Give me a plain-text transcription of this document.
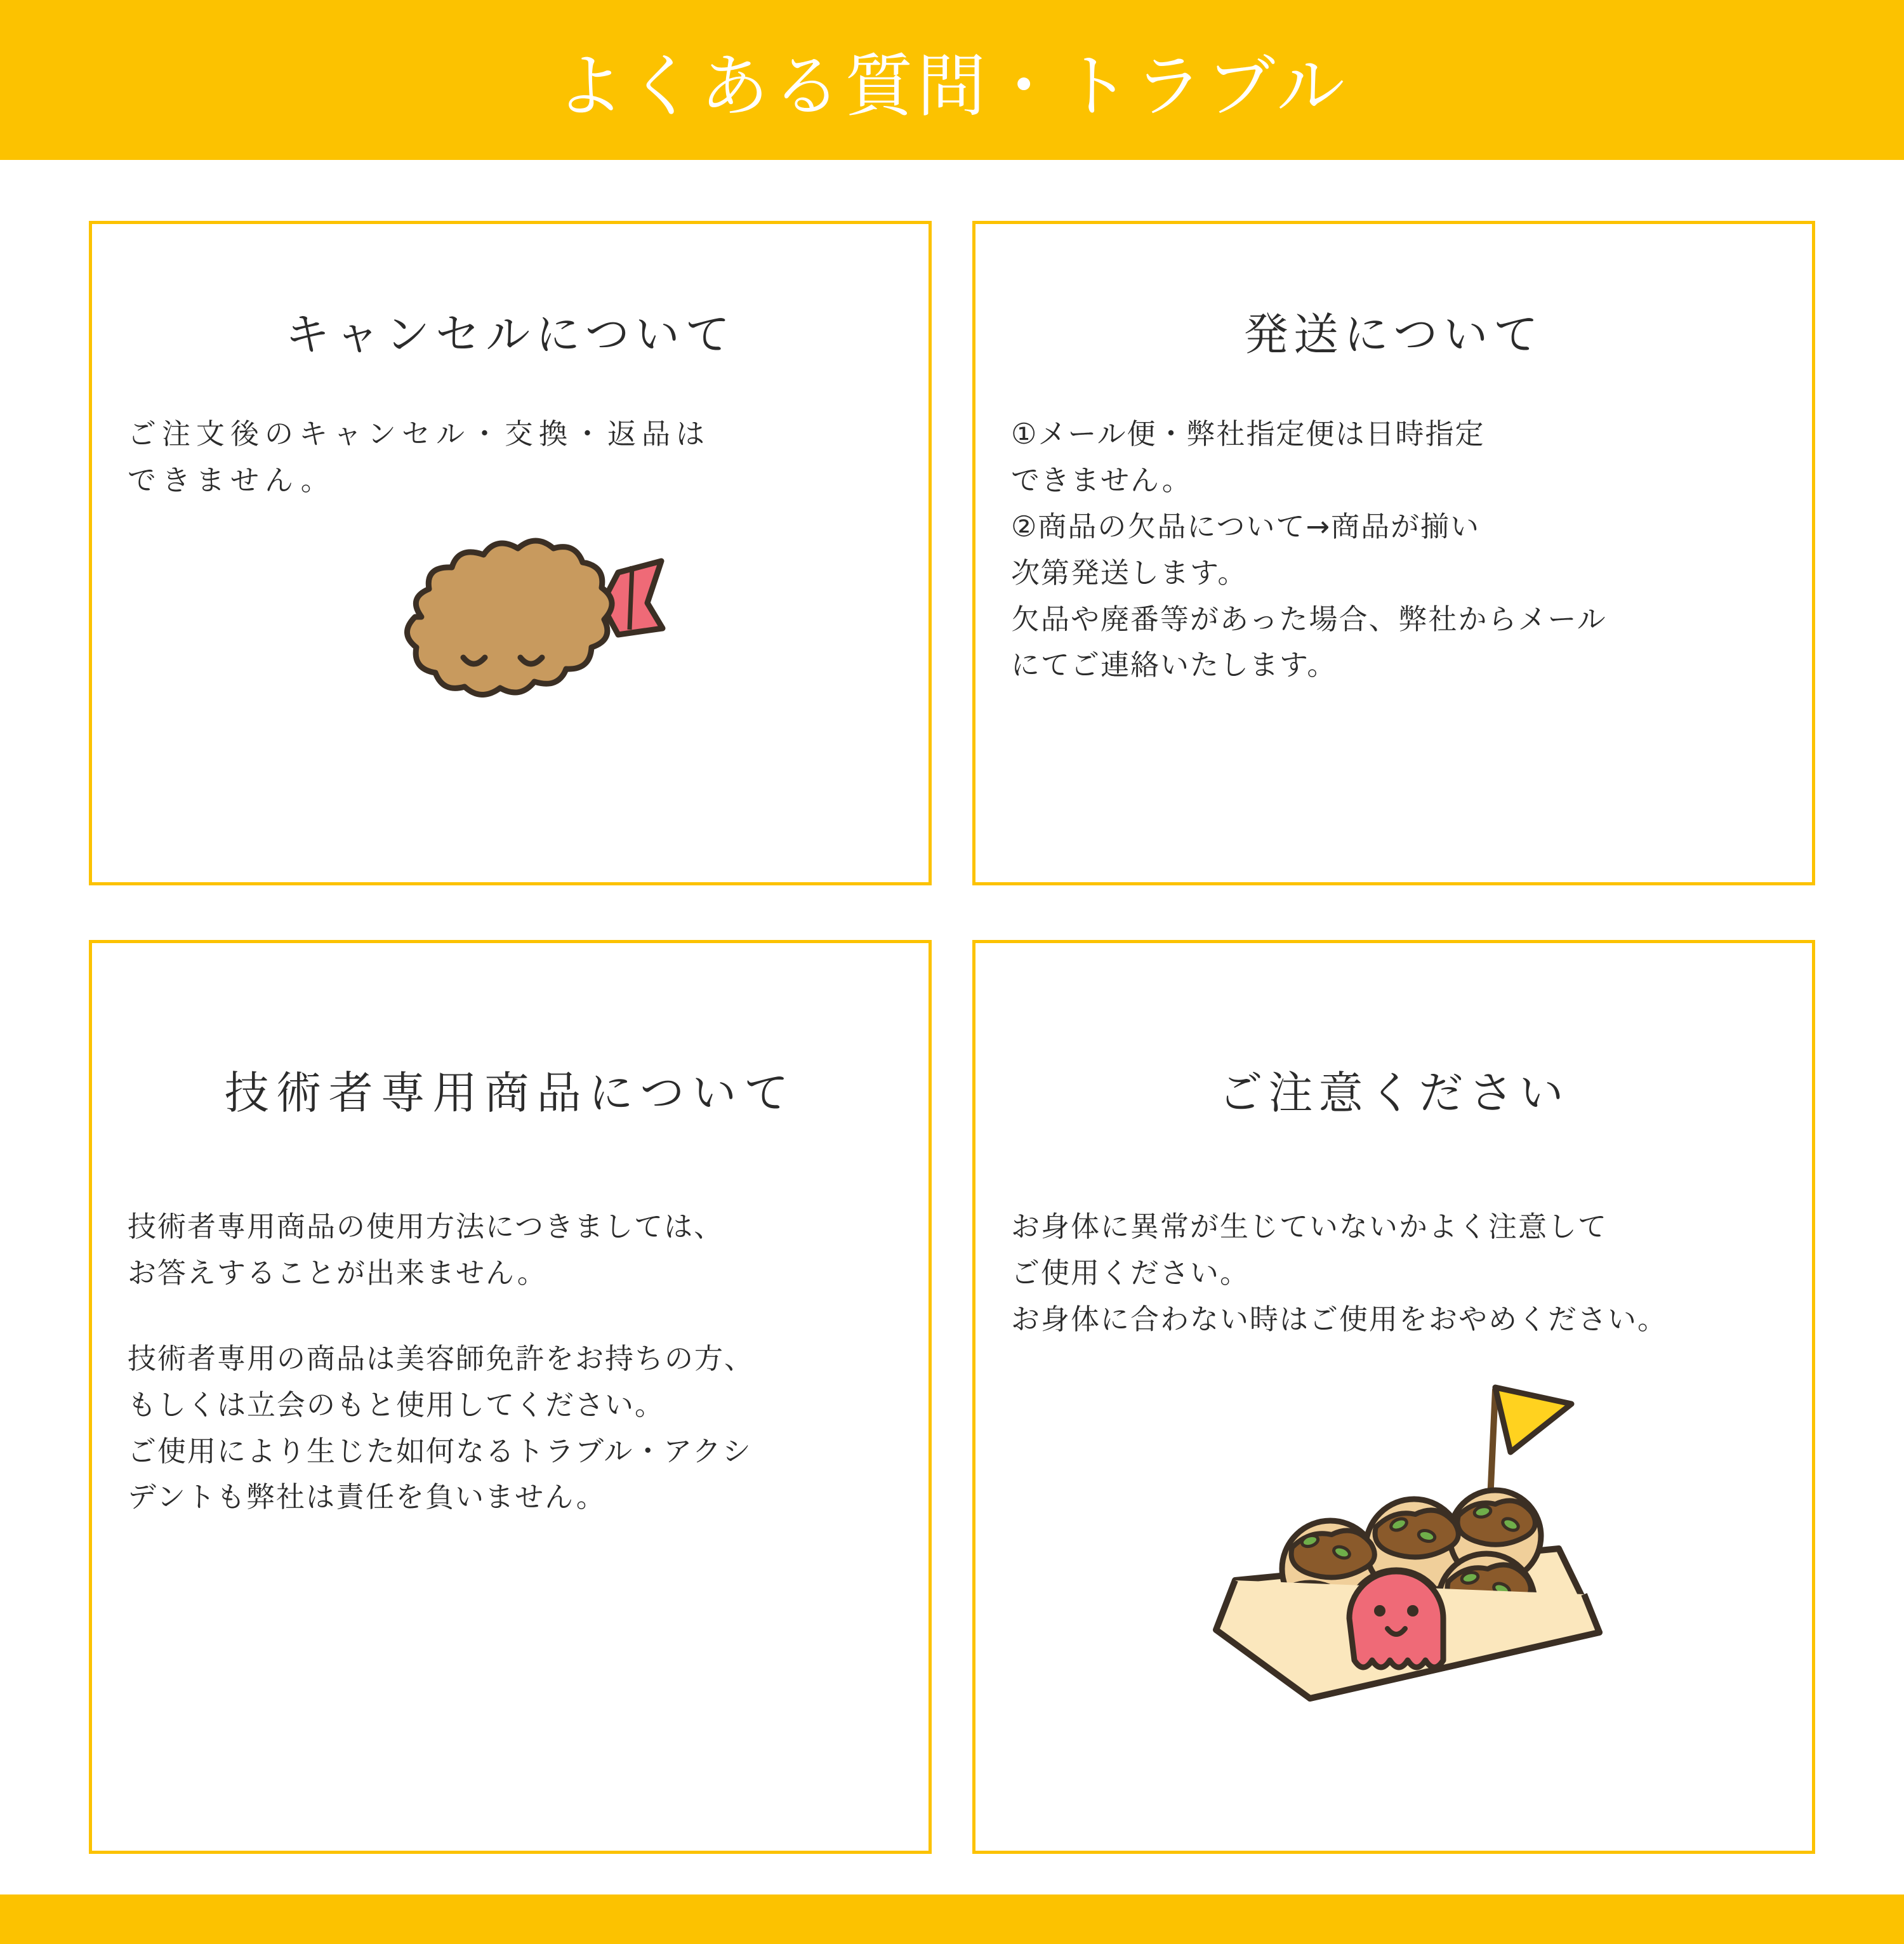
よくある質問・トラブル
キャンセルについて

ご注文後のキャンセル・交換・返品は

できません。

発送について

①メール便・弊社指定便は日時指定

できません。

②商品の欠品について→商品が揃い

次第発送します。

欠品や廃番等があった場合、弊社からメール

にてご連絡いたします。

技術者専用商品について

技術者専用商品の使用方法につきましては、

お答えすることが出来ません。

技術者専用の商品は美容師免許をお持ちの方、

もしくは立会のもと使用してください。

ご使用により生じた如何なるトラブル・アクシ

デントも弊社は責任を負いません。

ご注意ください

お身体に異常が生じていないかよく注意して

ご使用ください。

お身体に合わない時はご使用をおやめください。
